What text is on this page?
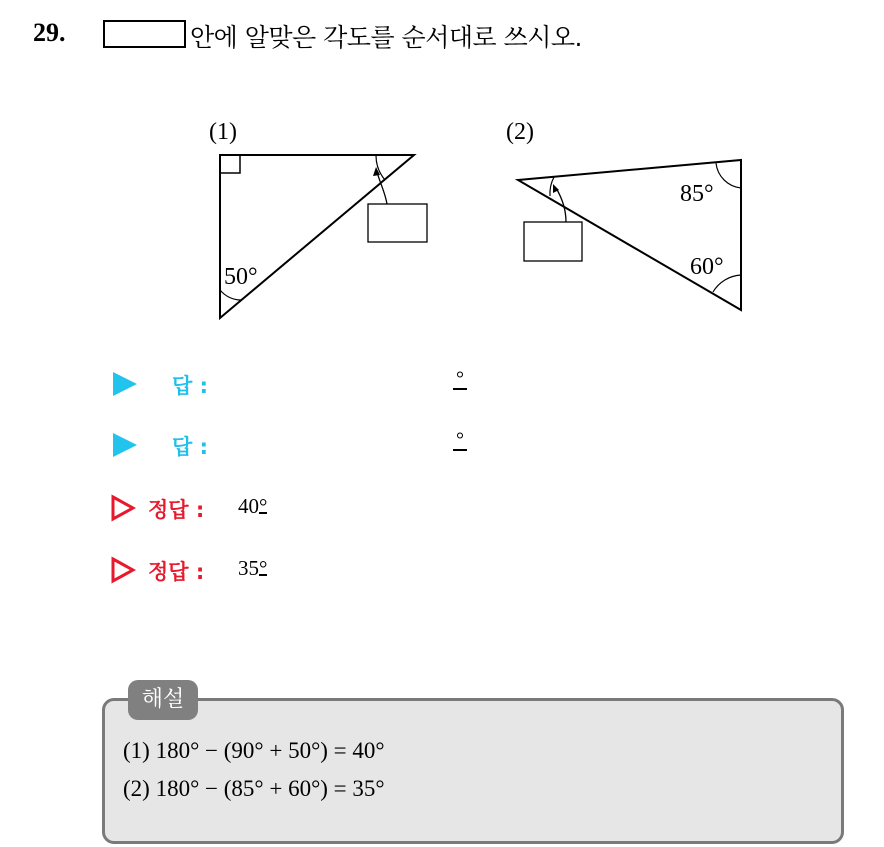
29.	안에 알맞은 각도를 순서대로 쓰시오.
(1)
50°
(2)
85°
60°
답 :	°
답 :	°
정답 : 40°
정답 : 35°
해설
(1) 180° − (90° + 50°) = 40°
(2) 180° − (85° + 60°) = 35°
